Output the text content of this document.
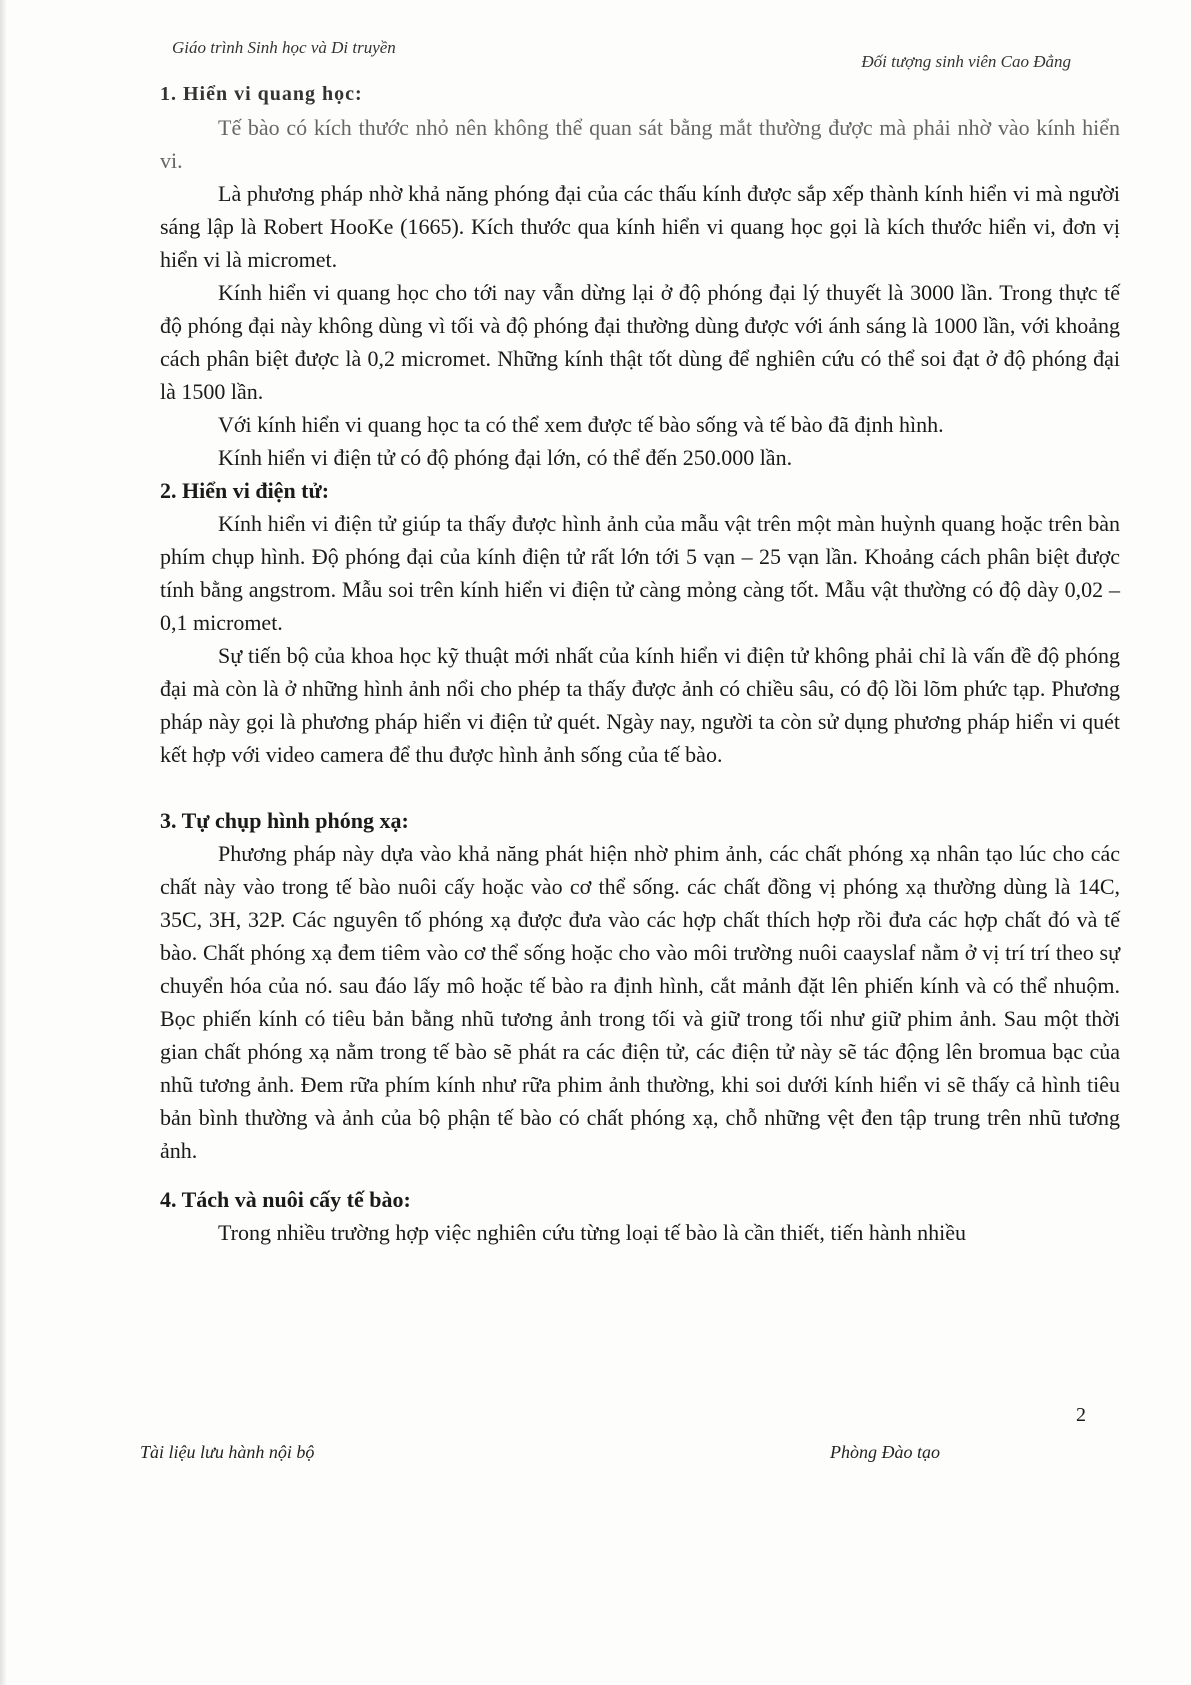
Giáo trình Sinh học và Di truyền
Đối tượng sinh viên Cao Đẳng
1. Hiển vi quang học:

Tế bào có kích thước nhỏ nên không thể quan sát bằng mắt thường được mà phải nhờ vào kính hiển vi.

Là phương pháp nhờ khả năng phóng đại của các thấu kính được sắp xếp thành kính hiển vi mà người sáng lập là Robert HooKe (1665). Kích thước qua kính hiển vi quang học gọi là kích thước hiển vi, đơn vị hiển vi là micromet.

Kính hiển vi quang học cho tới nay vẫn dừng lại ở độ phóng đại lý thuyết là 3000 lần. Trong thực tế độ phóng đại này không dùng vì tối và độ phóng đại thường dùng được với ánh sáng là 1000 lần, với khoảng cách phân biệt được là 0,2 micromet. Những kính thật tốt dùng để nghiên cứu có thể soi đạt ở độ phóng đại là 1500 lần.

Với kính hiển vi quang học ta có thể xem được tế bào sống và tế bào đã định hình.

Kính hiển vi điện tử có độ phóng đại lớn, có thể đến 250.000 lần.

2. Hiển vi điện tử:

Kính hiển vi điện tử giúp ta thấy được hình ảnh của mẫu vật trên một màn huỳnh quang hoặc trên bàn phím chụp hình. Độ phóng đại của kính điện tử rất lớn tới 5 vạn – 25 vạn lần. Khoảng cách phân biệt được tính bằng angstrom. Mẫu soi trên kính hiển vi điện tử càng mỏng càng tốt. Mẫu vật thường có độ dày 0,02 – 0,1 micromet.

Sự tiến bộ của khoa học kỹ thuật mới nhất của kính hiển vi điện tử không phải chỉ là vấn đề độ phóng đại mà còn là ở những hình ảnh nổi cho phép ta thấy được ảnh có chiều sâu, có độ lồi lõm phức tạp. Phương pháp này gọi là phương pháp hiển vi điện tử quét. Ngày nay, người ta còn sử dụng phương pháp hiển vi quét kết hợp với video camera để thu được hình ảnh sống của tế bào.

3. Tự chụp hình phóng xạ:

Phương pháp này dựa vào khả năng phát hiện nhờ phim ảnh, các chất phóng xạ nhân tạo lúc cho các chất này vào trong tế bào nuôi cấy hoặc vào cơ thể sống. các chất đồng vị phóng xạ thường dùng là 14C, 35C, 3H, 32P. Các nguyên tố phóng xạ được đưa vào các hợp chất thích hợp rồi đưa các hợp chất đó và tế bào. Chất phóng xạ đem tiêm vào cơ thể sống hoặc cho vào môi trường nuôi caayslaf nằm ở vị trí trí theo sự chuyển hóa của nó. sau đáo lấy mô hoặc tế bào ra định hình, cắt mảnh đặt lên phiến kính và có thể nhuộm. Bọc phiến kính có tiêu bản bằng nhũ tương ảnh trong tối và giữ trong tối như giữ phim ảnh. Sau một thời gian chất phóng xạ nằm trong tế bào sẽ phát ra các điện tử, các điện tử này sẽ tác động lên bromua bạc của nhũ tương ảnh. Đem rữa phím kính như rữa phim ảnh thường, khi soi dưới kính hiển vi sẽ thấy cả hình tiêu bản bình thường và ảnh của bộ phận tế bào có chất phóng xạ, chỗ những vệt đen tập trung trên nhũ tương ảnh.

4. Tách và nuôi cấy tế bào:

Trong nhiều trường hợp việc nghiên cứu từng loại tế bào là cần thiết, tiến hành nhiều

2
Tài liệu lưu hành nội bộ	Phòng Đào tạo
